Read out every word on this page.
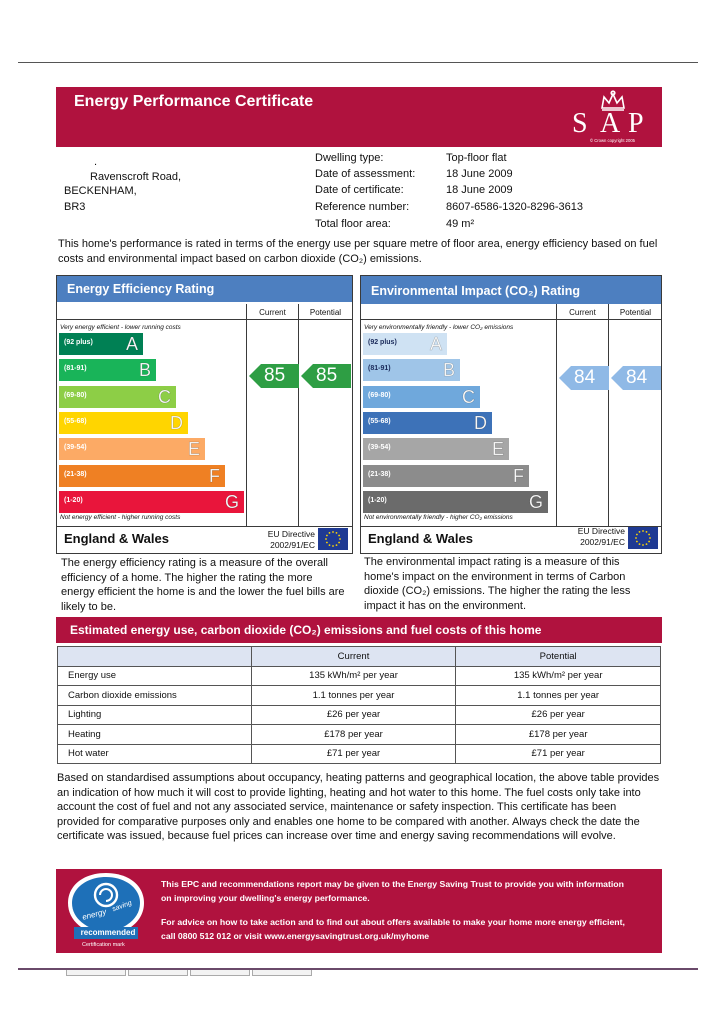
Energy Performance Certificate
S A P
© Crown copyright 2005
.
Ravenscroft Road,
BECKENHAM,
BR3
Dwelling type:	Top-floor flat
Date of assessment:	18 June 2009
Date of certificate:	18 June 2009
Reference number:	8607-6586-1320-8296-3613
Total floor area:	49 m²
This home's performance is rated in terms of the energy use per square metre of floor area, energy efficiency based on fuel costs and environmental impact based on carbon dioxide (CO₂) emissions.
Energy Efficiency Rating
Current	Potential
Very energy efficient - lower running costs
Not energy efficient - higher running costs
(92 plus) A
(81-91)	B
(69-80)	C
(55-68)	D
(39-54)	E
(21-38)	F
(1-20)	G
85 85
England & Wales	EU Directive
2002/91/EC
The energy efficiency rating is a measure of the overall efficiency of a home. The higher the rating the more energy efficient the home is and the lower the fuel bills are likely to be.
Environmental Impact (CO₂) Rating
Current	Potential
Very environmentally friendly - lower CO₂ emissions
Not environmentally friendly - higher CO₂ emissions
(92 plus) A
(81-91)	B
(69-80)	C
(55-68)	D
(39-54)	E
(21-38)	F
(1-20)	G
84 84
England & Wales	EU Directive
2002/91/EC
The environmental impact rating is a measure of this home's impact on the environment in terms of Carbon dioxide (CO₂) emissions. The higher the rating the less impact it has on the environment.
Estimated energy use, carbon dioxide (CO₂) emissions and fuel costs of this home
	Current	Potential
Energy use	135 kWh/m² per year	135 kWh/m² per year
Carbon dioxide emissions	1.1 tonnes per year	1.1 tonnes per year
Lighting	£26 per year	£26 per year
Heating	£178 per year	£178 per year
Hot water	£71 per year	£71 per year
Based on standardised assumptions about occupancy, heating patterns and geographical location, the above table provides an indication of how much it will cost to provide lighting, heating and hot water to this home. The fuel costs only take into account the cost of fuel and not any associated service, maintenance or safety inspection. This certificate has been provided for comparative purposes only and enables one home to be compared with another. Always check the date the certificate was issued, because fuel prices can increase over time and energy saving recommendations will evolve.
energy
saving
recommended
Certification mark
This EPC and recommendations report may be given to the Energy Saving Trust to provide you with information on improving your dwelling's energy performance.
For advice on how to take action and to find out about offers available to make your home more energy efficient, call 0800 512 012 or visit www.energysavingtrust.org.uk/myhome
